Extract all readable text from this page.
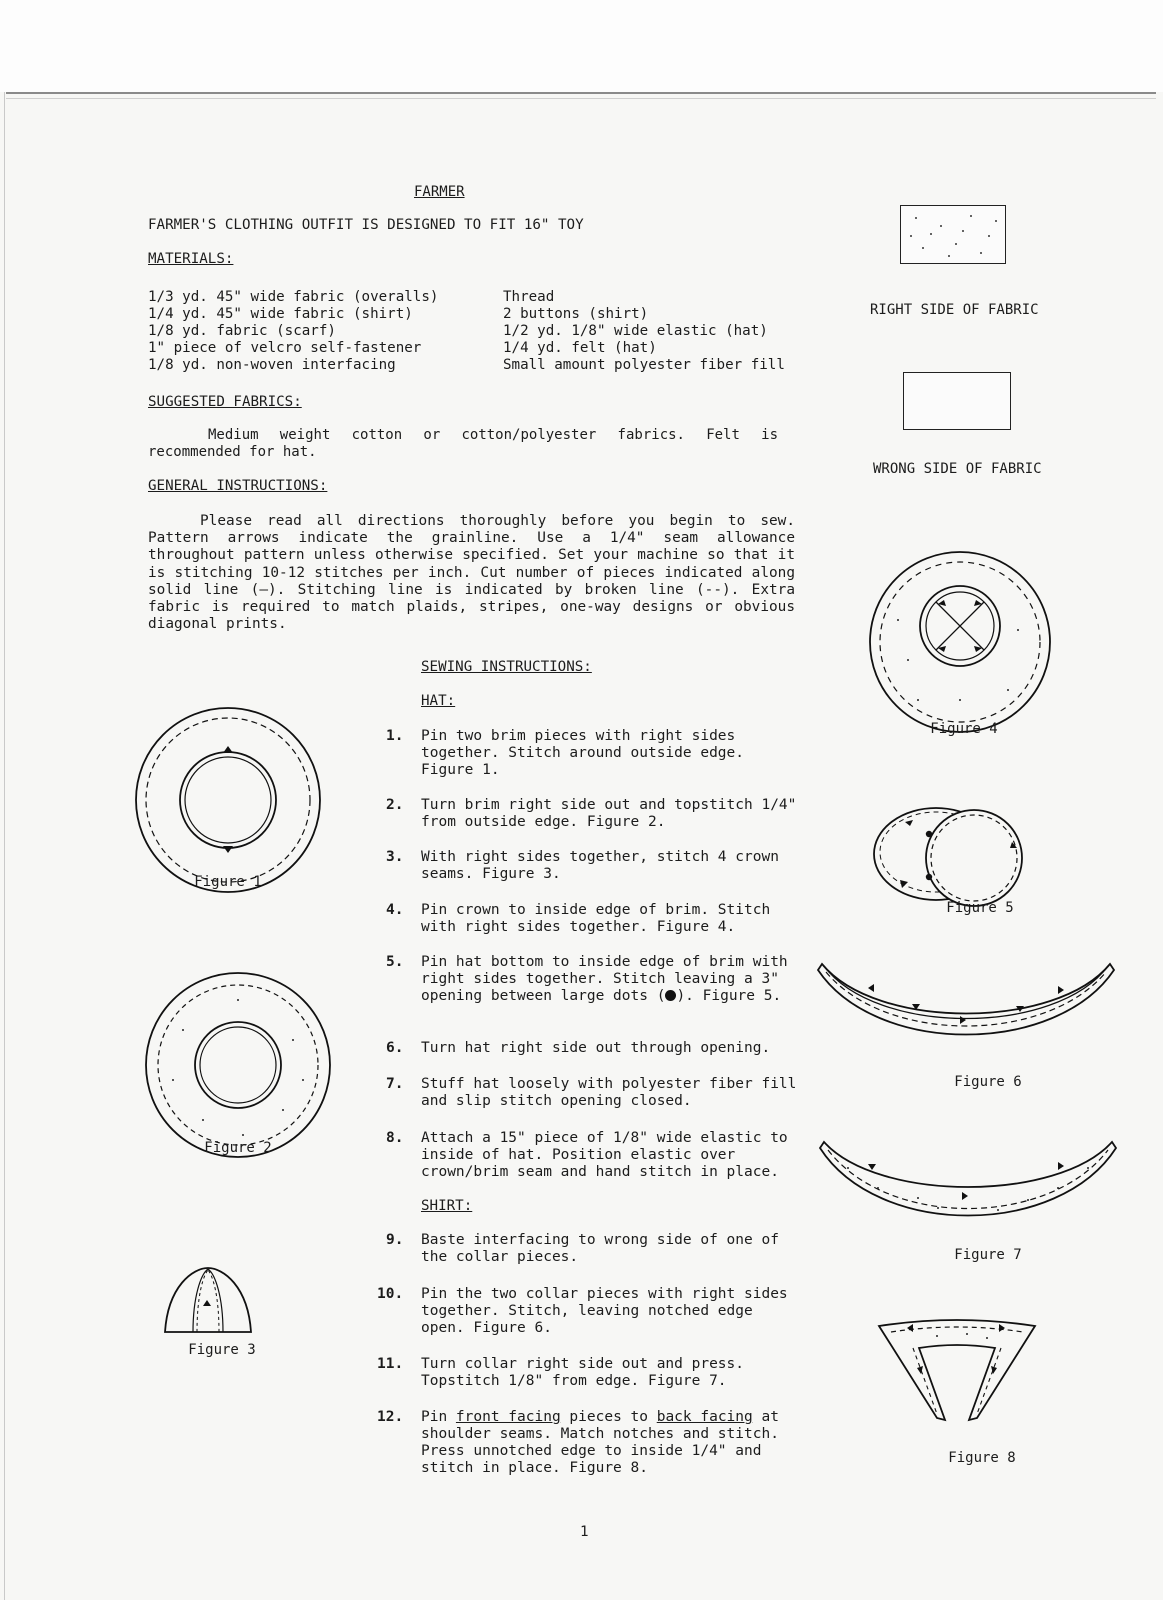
FARMER
FARMER'S CLOTHING OUTFIT IS DESIGNED TO FIT 16" TOY
MATERIALS:
1/3 yd. 45" wide fabric (overalls)
1/4 yd. 45" wide fabric (shirt)
1/8 yd. fabric (scarf)
1" piece of velcro self-fastener
1/8 yd. non-woven interfacing
Thread
2 buttons (shirt)
1/2 yd. 1/8" wide elastic (hat)
1/4 yd. felt (hat)
Small amount polyester fiber fill
SUGGESTED FABRICS:
Medium weight cotton or cotton/polyester fabrics. Felt is recommended for hat.
GENERAL INSTRUCTIONS:
Please read all directions thoroughly before you begin to sew. Pattern arrows indicate the grainline. Use a 1/4" seam allowance throughout pattern unless otherwise specified. Set your machine so that it is stitching 10-12 stitches per inch. Cut number of pieces indicated along solid line (—). Stitching line is indicated by broken line (--). Extra fabric is required to match plaids, stripes, one-way designs or obvious diagonal prints.
SEWING INSTRUCTIONS:
HAT:
1. Pin two brim pieces with right sides together. Stitch around outside edge. Figure 1.
2. Turn brim right side out and topstitch 1/4" from outside edge. Figure 2.
3. With right sides together, stitch 4 crown seams. Figure 3.
4. Pin crown to inside edge of brim. Stitch with right sides together. Figure 4.
5. Pin hat bottom to inside edge of brim with right sides together. Stitch leaving a 3" opening between large dots ( ). Figure 5.
6. Turn hat right side out through opening.
7. Stuff hat loosely with polyester fiber fill and slip stitch opening closed.
8. Attach a 15" piece of 1/8" wide elastic to inside of hat. Position elastic over crown/brim seam and hand stitch in place.
SHIRT:
9. Baste interfacing to wrong side of one of the collar pieces.
10. Pin the two collar pieces with right sides together. Stitch, leaving notched edge open. Figure 6.
11. Turn collar right side out and press. Topstitch 1/8" from edge. Figure 7.
12. Pin front facing pieces to back facing at shoulder seams. Match notches and stitch. Press unnotched edge to inside 1/4" and stitch in place. Figure 8.
1
RIGHT SIDE OF FABRIC
WRONG SIDE OF FABRIC
Figure 1
Figure 2
Figure 3
Figure 4
Figure 5
Figure 6
Figure 7
Figure 8
